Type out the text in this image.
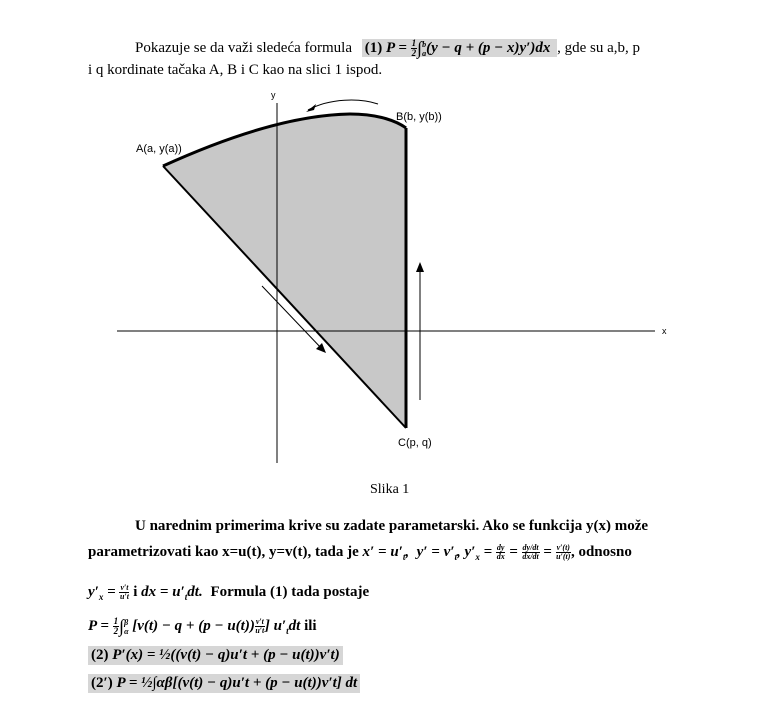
Pokazuje se da važi sledeća formula (1) $P = \frac{1}{2}$ ∫ b
a (y − q + (p − x)y′)dx , gde su a,b, p
i q kordinate tačaka A, B i C kao na slici 1 ispod.
x
y
A(a, y(a))
B(b, y(b))
C(p, q)
Slika 1
U narednim primerima krive su zadate parametarski. Ako se funkcija y(x) može
parametrizovati kao x=u(t), y=v(t), tada je $x' = u'_t$,  $y' = v'_t$, $y'_x = \frac{dy}{dx} = \frac{dy/dt}{dx/dt} = \frac{v'(t)}{u'(t)}$ , odnosno
$y'_x = \frac{v't}{u't}$ i dx = $u'_tdt$. Formula (1) tada postaje
$P = \frac{1}{2}$ ∫ β
α [$v(t) - q + (p - u(t)) \frac{v't}{u't}$ ] $u'_tdt$ ili
(2) P′(x) = ½((v(t) − q)u′t + (p − u(t))v′t)
(2′) P = ½∫αβ[(v(t) − q)u′t + (p − u(t))v′t] dt
